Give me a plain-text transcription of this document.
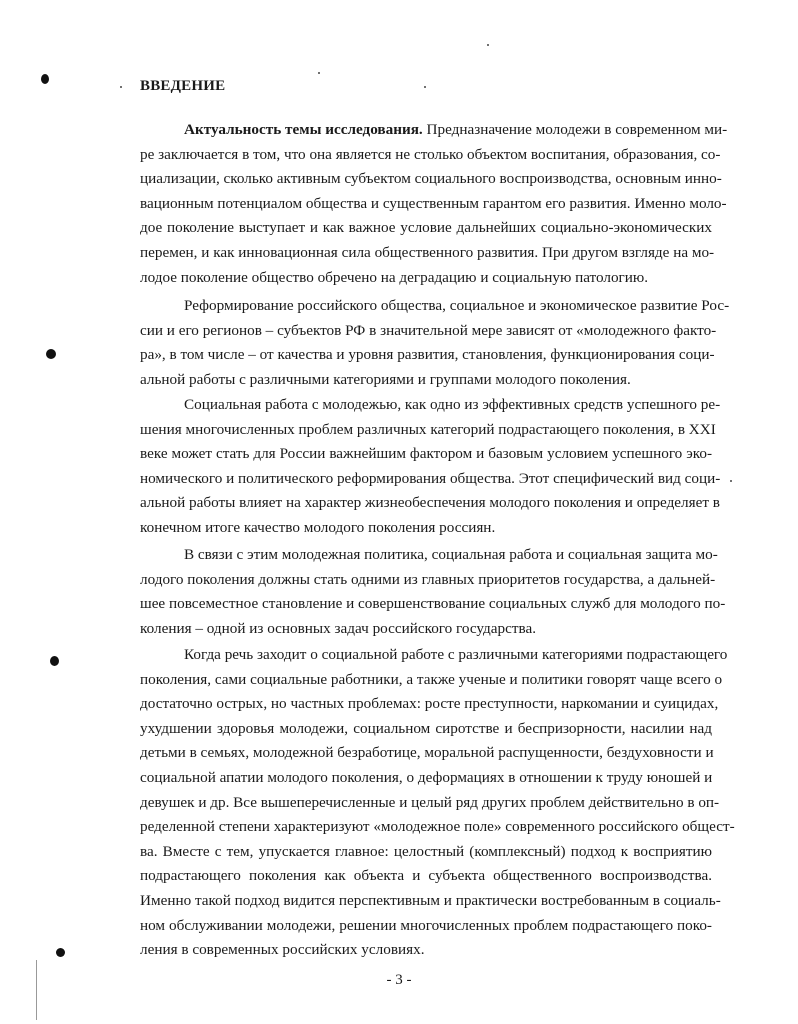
ВВЕДЕНИЕ
Актуальность темы исследования. Предназначение молодежи в современном ми-
ре заключается в том, что она является не столько объектом воспитания, образования, со-
циализации, сколько активным субъектом социального воспроизводства, основным инно-
вационным потенциалом общества и существенным гарантом его развития. Именно моло-
дое поколение выступает и как важное условие дальнейших социально-экономических
перемен, и как инновационная сила общественного развития. При другом взгляде на мо-
лодое поколение общество обречено на деградацию и социальную патологию.
Реформирование российского общества, социальное и экономическое развитие Рос-
сии и его регионов – субъектов РФ в значительной мере зависят от «молодежного факто-
ра», в том числе – от качества и уровня развития, становления, функционирования соци-
альной работы с различными категориями и группами молодого поколения.
Социальная работа с молодежью, как одно из эффективных средств успешного ре-
шения многочисленных проблем различных категорий подрастающего поколения, в XXI
веке может стать для России важнейшим фактором и базовым условием успешного эко-
номического и политического реформирования общества. Этот специфический вид соци-
альной работы влияет на характер жизнеобеспечения молодого поколения и определяет в
конечном итоге качество молодого поколения россиян.
В связи с этим молодежная политика, социальная работа и социальная защита мо-
лодого поколения должны стать одними из главных приоритетов государства, а дальней-
шее повсеместное становление и совершенствование социальных служб для молодого по-
коления – одной из основных задач российского государства.
Когда речь заходит о социальной работе с различными категориями подрастающего
поколения, сами социальные работники, а также ученые и политики говорят чаще всего о
достаточно острых, но частных проблемах: росте преступности, наркомании и суицидах,
ухудшении здоровья молодежи, социальном сиротстве и беспризорности, насилии над
детьми в семьях, молодежной безработице, моральной распущенности, бездуховности и
социальной апатии молодого поколения, о деформациях в отношении к труду юношей и
девушек и др. Все вышеперечисленные и целый ряд других проблем действительно в оп-
ределенной степени характеризуют «молодежное поле» современного российского общест-
ва. Вместе с тем, упускается главное: целостный (комплексный) подход к восприятию
подрастающего поколения как объекта и субъекта общественного воспроизводства.
Именно такой подход видится перспективным и практически востребованным в социаль-
ном обслуживании молодежи, решении многочисленных проблем подрастающего поко-
ления в современных российских условиях.
- 3 -
